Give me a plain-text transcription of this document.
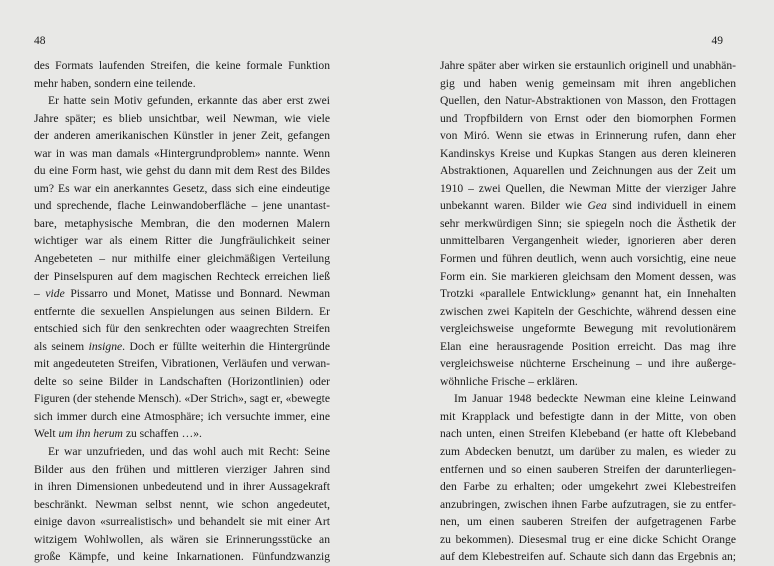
48
des Formats laufenden Streifen, die keine formale Funktion
mehr haben, sondern eine teilende.
Er hatte sein Motiv gefunden, erkannte das aber erst zwei
Jahre später; es blieb unsichtbar, weil Newman, wie viele
der anderen amerikanischen Künstler in jener Zeit, gefangen
war in was man damals «Hintergrundproblem» nannte. Wenn
du eine Form hast, wie gehst du dann mit dem Rest des Bildes
um? Es war ein anerkanntes Gesetz, dass sich eine eindeutige
und sprechende, flache Leinwandoberfläche – jene unantast-
bare, metaphysische Membran, die den modernen Malern
wichtiger war als einem Ritter die Jungfräulichkeit seiner
Angebeteten – nur mithilfe einer gleichmäßigen Verteilung
der Pinselspuren auf dem magischen Rechteck erreichen ließ
– vide Pissarro und Monet, Matisse und Bonnard. Newman
entfernte die sexuellen Anspielungen aus seinen Bildern. Er
entschied sich für den senkrechten oder waagrechten Streifen
als seinem insigne. Doch er füllte weiterhin die Hintergründe
mit angedeuteten Streifen, Vibrationen, Verläufen und verwan-
delte so seine Bilder in Landschaften (Horizontlinien) oder
Figuren (der stehende Mensch). «Der Strich», sagt er, «bewegte
sich immer durch eine Atmosphäre; ich versuchte immer, eine
Welt um ihn herum zu schaffen …».
Er war unzufrieden, und das wohl auch mit Recht: Seine
Bilder aus den frühen und mittleren vierziger Jahren sind
in ihren Dimensionen unbedeutend und in ihrer Aussagekraft
beschränkt. Newman selbst nennt, wie schon angedeutet,
einige davon «surrealistisch» und behandelt sie mit einer Art
witzigem Wohlwollen, als wären sie Erinnerungsstücke an
große Kämpfe, und keine Inkarnationen. Fünfundzwanzig
49
Jahre später aber wirken sie erstaunlich originell und unabhän-
gig und haben wenig gemeinsam mit ihren angeblichen
Quellen, den Natur-Abstraktionen von Masson, den Frottagen
und Tropfbildern von Ernst oder den biomorphen Formen
von Miró. Wenn sie etwas in Erinnerung rufen, dann eher
Kandinskys Kreise und Kupkas Stangen aus deren kleineren
Abstraktionen, Aquarellen und Zeichnungen aus der Zeit um
1910 – zwei Quellen, die Newman Mitte der vierziger Jahre
unbekannt waren. Bilder wie Gea sind individuell in einem
sehr merkwürdigen Sinn; sie spiegeln noch die Ästhetik der
unmittelbaren Vergangenheit wieder, ignorieren aber deren
Formen und führen deutlich, wenn auch vorsichtig, eine neue
Form ein. Sie markieren gleichsam den Moment dessen, was
Trotzki «parallele Entwicklung» genannt hat, ein Innehalten
zwischen zwei Kapiteln der Geschichte, während dessen eine
vergleichsweise ungeformte Bewegung mit revolutionärem
Elan eine herausragende Position erreicht. Das mag ihre
vergleichsweise nüchterne Erscheinung – und ihre außerge-
wöhnliche Frische – erklären.
Im Januar 1948 bedeckte Newman eine kleine Leinwand
mit Krapplack und befestigte dann in der Mitte, von oben
nach unten, einen Streifen Klebeband (er hatte oft Klebeband
zum Abdecken benutzt, um darüber zu malen, es wieder zu
entfernen und so einen sauberen Streifen der darunterliegen-
den Farbe zu erhalten; oder umgekehrt zwei Klebestreifen
anzubringen, zwischen ihnen Farbe aufzutragen, sie zu entfer-
nen, um einen sauberen Streifen der aufgetragenen Farbe
zu bekommen). Diesesmal trug er eine dicke Schicht Orange
auf dem Klebestreifen auf. Schaute sich dann das Ergebnis an;
